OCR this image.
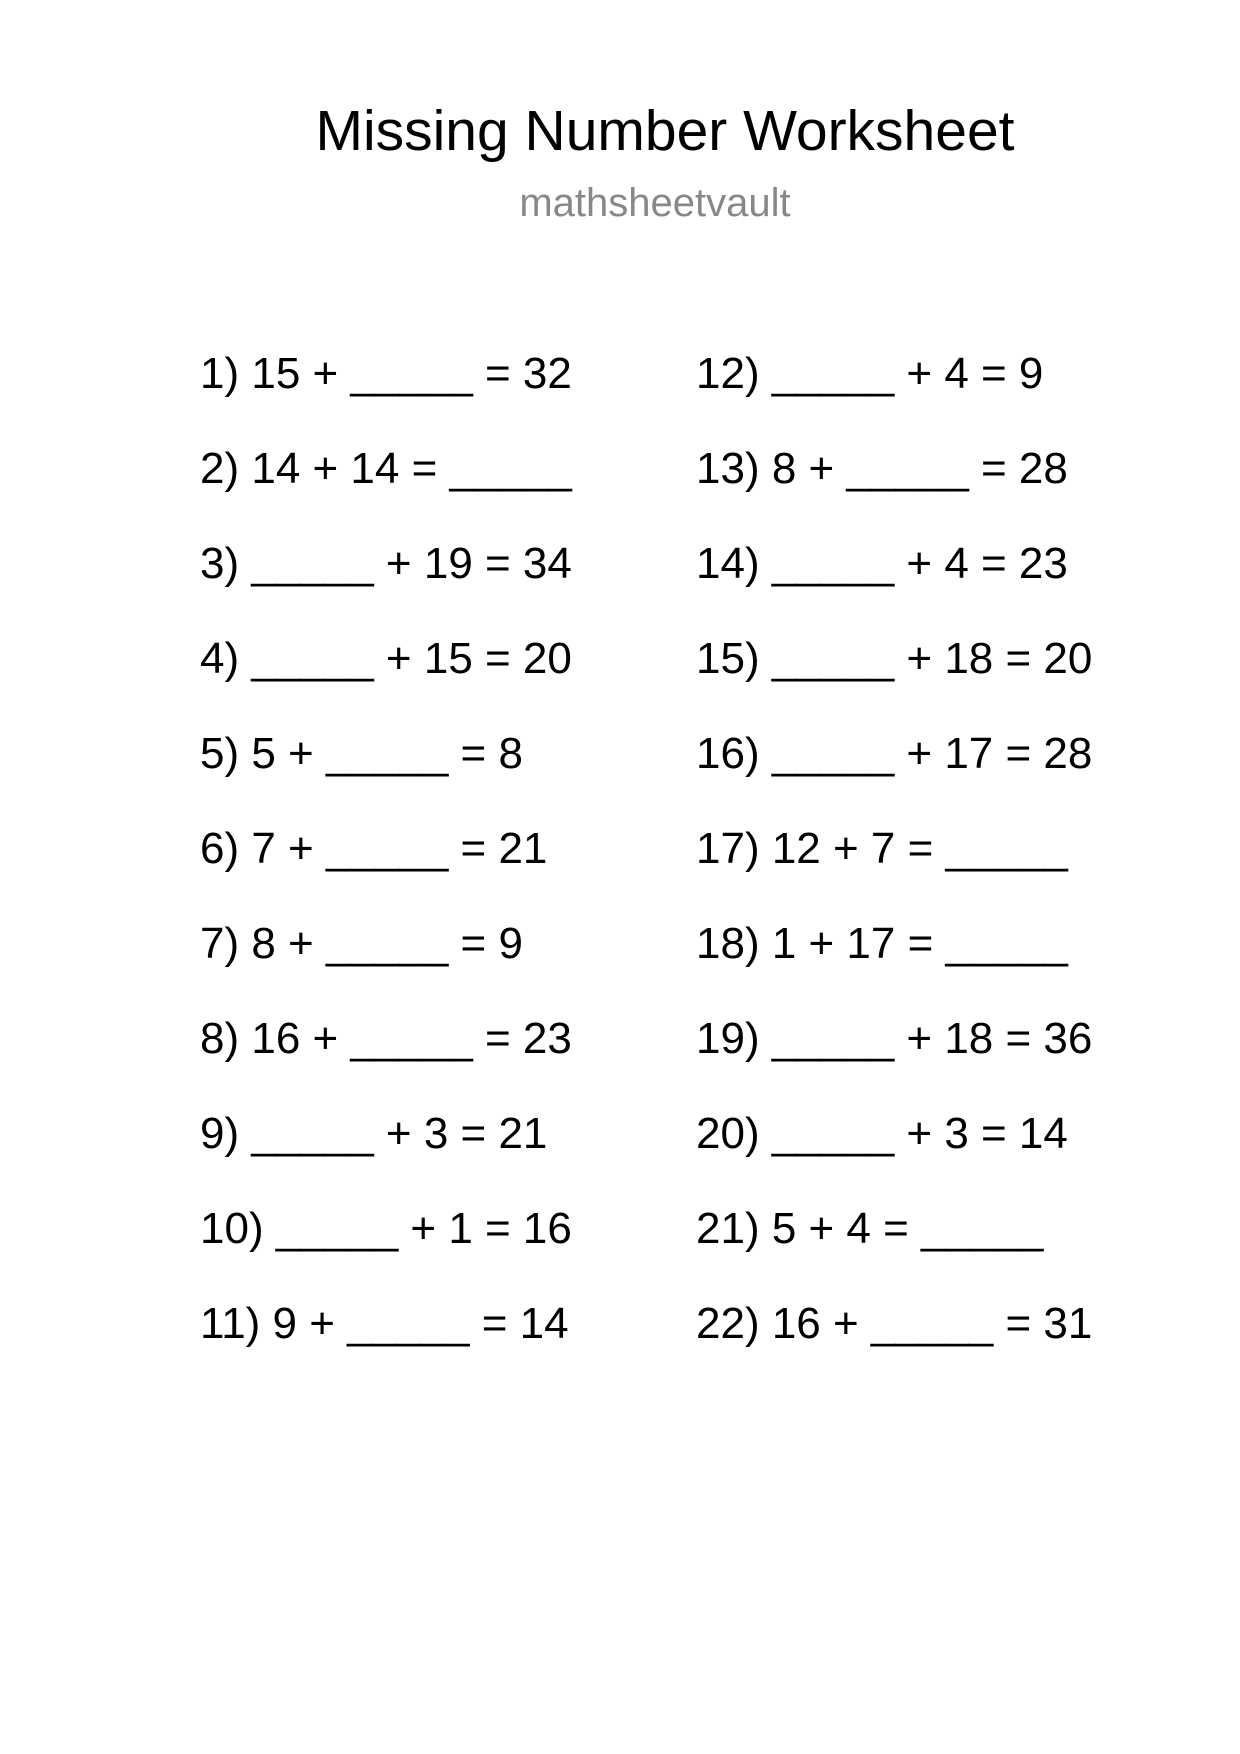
Missing Number Worksheet
mathsheetvault
1) 15 + _____ = 32
2) 14 + 14 = _____
3) _____ + 19 = 34
4) _____ + 15 = 20
5) 5 + _____ = 8
6) 7 + _____ = 21
7) 8 + _____ = 9
8) 16 + _____ = 23
9) _____ + 3 = 21
10) _____ + 1 = 16
11) 9 + _____ = 14
12) _____ + 4 = 9
13) 8 + _____ = 28
14) _____ + 4 = 23
15) _____ + 18 = 20
16) _____ + 17 = 28
17) 12 + 7 = _____
18) 1 + 17 = _____
19) _____ + 18 = 36
20) _____ + 3 = 14
21) 5 + 4 = _____
22) 16 + _____ = 31
